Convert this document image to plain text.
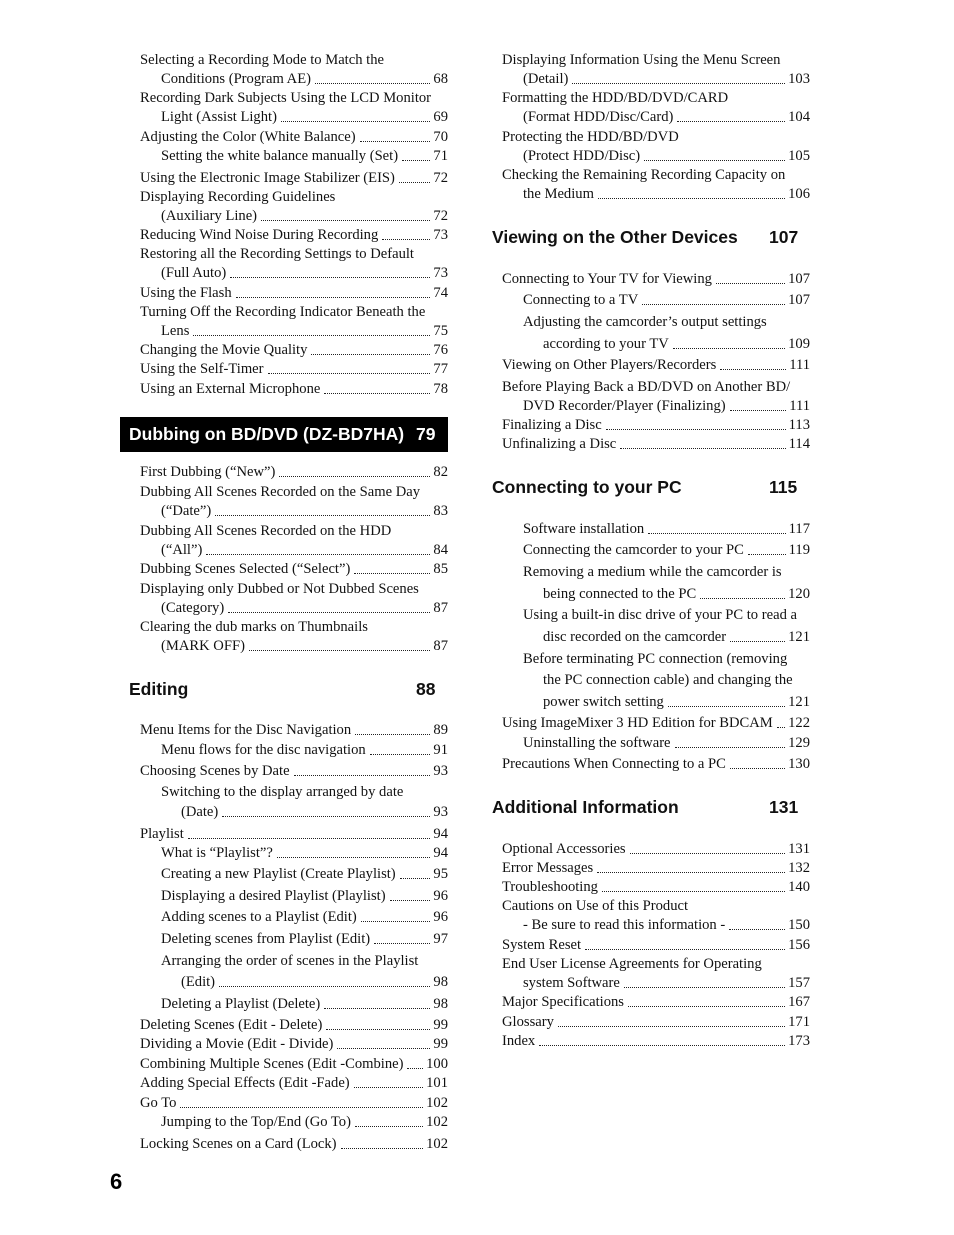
Selecting a Recording Mode to Match the
Conditions (Program AE)	68
Recording Dark Subjects Using the LCD Monitor
Light (Assist Light)	69
Adjusting the Color (White Balance)	70
Setting the white balance manually (Set) 71
Using the Electronic Image Stabilizer (EIS)	72
Displaying Recording Guidelines
(Auxiliary Line)	72
Reducing Wind Noise During Recording	73
Restoring all the Recording Settings to Default
(Full Auto)	73
Using the Flash	74
Turning Off the Recording Indicator Beneath the
Lens	75
Changing the Movie Quality	76
Using the Self-Timer	77
Using an External Microphone	78
First Dubbing (“New”)	82
Dubbing All Scenes Recorded on the Same Day
(“Date”)	83
Dubbing All Scenes Recorded on the HDD
(“All”)	84
Dubbing Scenes Selected (“Select”)	85
Displaying only Dubbed or Not Dubbed Scenes
(Category)	87
Clearing the dub marks on Thumbnails
(MARK OFF)	87
Menu Items for the Disc Navigation	89
Menu flows for the disc navigation	91
Choosing Scenes by Date	93
Switching to the display arranged by date
(Date)	93
Playlist	94
What is “Playlist”?	94
Creating a new Playlist (Create Playlist)	95
Displaying a desired Playlist (Playlist)	96
Adding scenes to a Playlist (Edit)	96
Deleting scenes from Playlist (Edit)	97
Arranging the order of scenes in the Playlist
(Edit)	98
Deleting a Playlist (Delete)	98
Deleting Scenes (Edit - Delete)	99
Dividing a Movie (Edit - Divide)	99
Combining Multiple Scenes (Edit -Combine) 100
Adding Special Effects (Edit -Fade)	101
Go To	102
Jumping to the Top/End (Go To)	102
Locking Scenes on a Card (Lock)	102
Dubbing on BD/DVD (DZ-BD7HA) 79
Editing	88
Displaying Information Using the Menu Screen
(Detail)	103
Formatting the HDD/BD/DVD/CARD
(Format HDD/Disc/Card)	104
Protecting the HDD/BD/DVD
(Protect HDD/Disc)	105
Checking the Remaining Recording Capacity on
the Medium	106
Connecting to Your TV for Viewing	107
Connecting to a TV	107
Adjusting the camcorder’s output settings
according to your TV	109
Viewing on Other Players/Recorders	111
Before Playing Back a BD/DVD on Another BD/
DVD Recorder/Player (Finalizing)	111
Finalizing a Disc	113
Unfinalizing a Disc	114
Software installation	117
Connecting the camcorder to your PC	119
Removing a medium while the camcorder is
being connected to the PC	120
Using a built-in disc drive of your PC to read a
disc recorded on the camcorder	121
Before terminating PC connection (removing
the PC connection cable) and changing the
power switch setting	121
Using ImageMixer 3 HD Edition for BDCAM 122
Uninstalling the software	129
Precautions When Connecting to a PC	130
Optional Accessories	131
Error Messages	132
Troubleshooting	140
Cautions on Use of this Product
- Be sure to read this information -	150
System Reset	156
End User License Agreements for Operating
system Software	157
Major Specifications	167
Glossary	171
Index	173
Viewing on the Other Devices 107
Connecting to your PC	115
Additional Information	131
6
